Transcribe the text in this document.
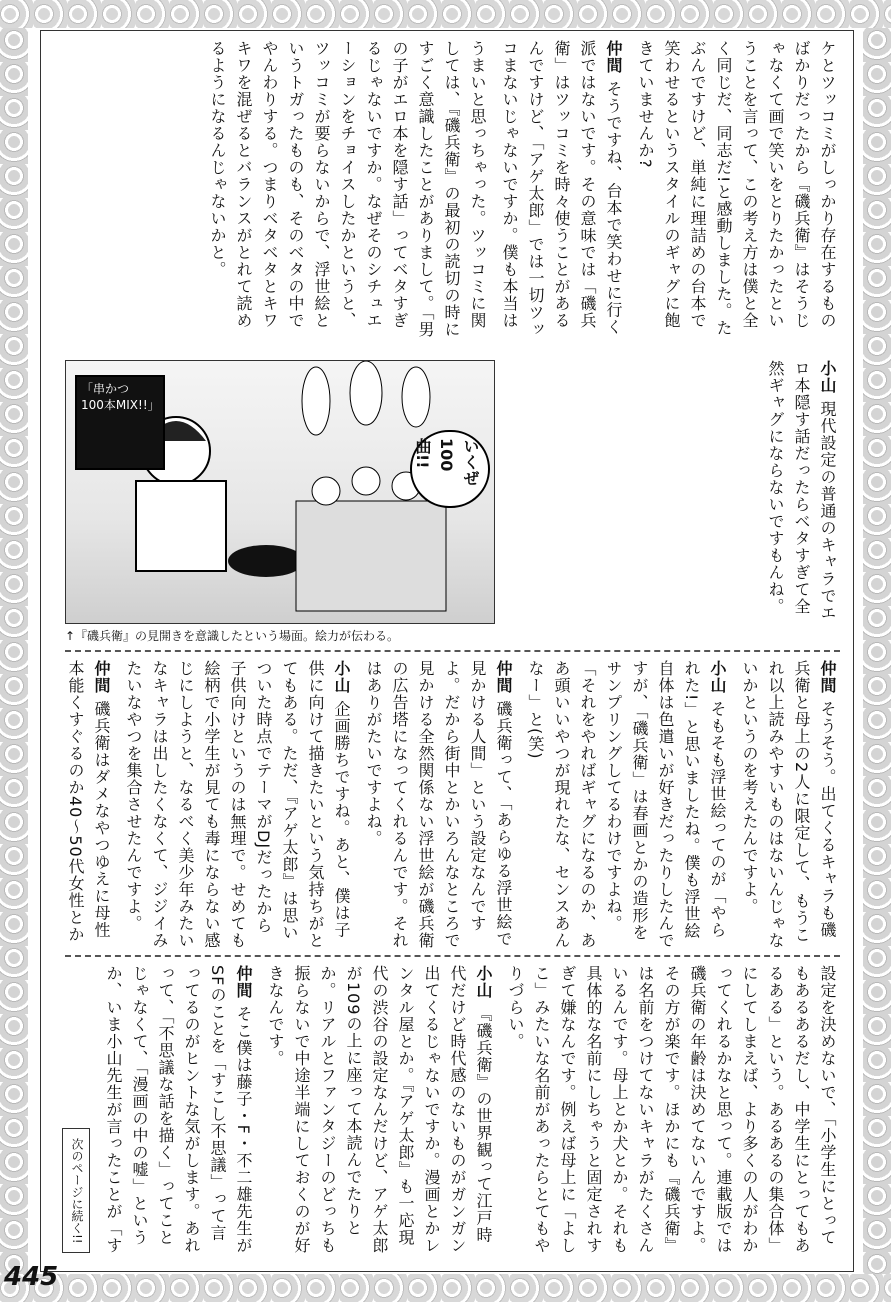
ケとツッコミがしっかり存在するものばかりだったから『磯兵衛』はそうじゃなくて画で笑いをとりたかったということを言って、この考え方は僕と全く同じだ、同志だ!と感動しました。たぶんですけど、単純に理詰めの台本で笑わせるというスタイルのギャグに飽きていませんか?
仲間 そうですね、台本で笑わせに行く派ではないです。その意味では「磯兵衛」はツッコミを時々使うことがあるんですけど、「アゲ太郎」では一切ツッコまないじゃないですか。僕も本当は
うまいと思っちゃった。ツッコミに関しては、『磯兵衛』の最初の読切の時にすごく意識したことがありまして。「男の子がエロ本を隠す話」ってベタすぎるじゃないですか。なぜそのシチュエーションをチョイスしたかというと、ツッコミが要らないからで、浮世絵というトガったものも、そのベタの中でやんわりする。つまりベタベタとキワキワを混ぜるとバランスがとれて読めるようになるんじゃないかと。
小山 現代設定の普通のキャラでエロ本隠す話だったらベタすぎて全然ギャグにならないですもんね。
「串かつ
100本MIX!!」
いくぜ 100曲!!
↑『磯兵衛』の見開きを意識したという場面。絵力が伝わる。
仲間 そうそう。出てくるキャラも磯兵衛と母上の2人に限定して、もうこれ以上読みやすいものはないんじゃないかというのを考えたんですよ。
小山 そもそも浮世絵ってのが「やられた!」と思いましたね。僕も浮世絵自体は色遣いが好きだったりしたんですが、「磯兵衛」は春画とかの造形をサンプリングしてるわけですよね。「それをやればギャグになるのか、ああ頭いいやつが現れたな、センスあんなー」と(笑)
仲間 磯兵衛って、「あらゆる浮世絵で見かける人間」という設定なんですよ。だから街中とかいろんなところで見かける全然関係ない浮世絵が磯兵衛の広告塔になってくれるんです。それはありがたいですよね。
小山 企画勝ちですね。あと、僕は子供に向けて描きたいという気持ちがとてもある。ただ、『アゲ太郎』は思いついた時点でテーマがDJだったから子供向けというのは無理で。せめても絵柄で小学生が見ても毒にならない感じにしようと、なるべく美少年みたいなキャラは出したくなくて、ジジイみたいなやつを集合させたんですよ。
仲間 磯兵衛はダメなやつゆえに母性本能くすぐるのか40〜50代女性とか
設定を決めないで、「小学生にとってもあるあるだし、中学生にとってもあるある」という。あるあるの集合体」にしてしまえば、より多くの人がわかってくれるかなと思って。連載版では磯兵衛の年齢は決めてないんですよ。その方が楽です。ほかにも『磯兵衛』は名前をつけてないキャラがたくさんいるんです。母上とか犬とか。それも具体的な名前にしちゃうと固定されすぎて嫌なんです。例えば母上に「よしこ」みたいな名前があったらとてもやりづらい。
小山 『磯兵衛』の世界観って江戸時代だけど時代感のないものがガンガン出てくるじゃないですか。漫画とかレンタル屋とか。『アゲ太郎』も一応現代の渋谷の設定なんだけど、アゲ太郎が109の上に座って本読んでたりとか。リアルとファンタジーのどっちも振らないで中途半端にしておくのが好きなんです。
仲間 そこ僕は藤子・F・不二雄先生がSFのことを「すこし不思議」って言ってるのがヒントな気がします。あれって、「不思議な話を描く」ってことじゃなくて、「漫画の中の嘘」というか、いま小山先生が言ったことが「す
次のページに続く!!
445
